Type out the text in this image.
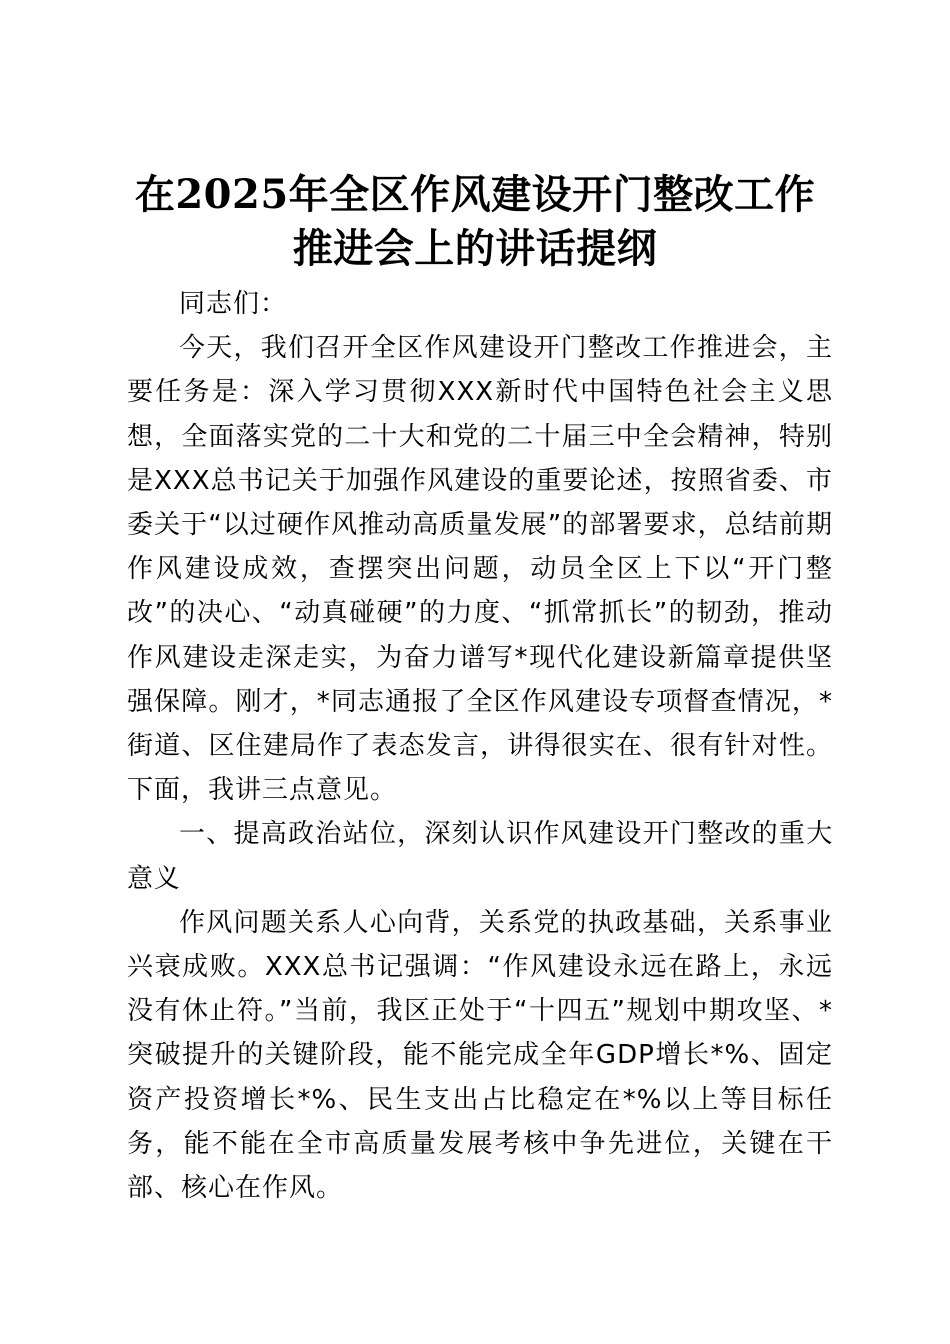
在2025年全区作风建设开门整改工作
推进会上的讲话提纲

同志们：

今天，我们召开全区作风建设开门整改工作推进会，主要任务是：深入学习贯彻XXX新时代中国特色社会主义思想，全面落实党的二十大和党的二十届三中全会精神，特别是XXX总书记关于加强作风建设的重要论述，按照省委、市委关于“以过硬作风推动高质量发展”的部署要求，总结前期作风建设成效，查摆突出问题，动员全区上下以“开门整改”的决心、“动真碰硬”的力度、“抓常抓长”的韧劲，推动作风建设走深走实，为奋力谱写*现代化建设新篇章提供坚强保障。刚才，*同志通报了全区作风建设专项督查情况，*街道、区住建局作了表态发言，讲得很实在、很有针对性。下面，我讲三点意见。

一、提高政治站位，深刻认识作风建设开门整改的重大意义

作风问题关系人心向背，关系党的执政基础，关系事业兴衰成败。XXX总书记强调：“作风建设永远在路上，永远没有休止符。”当前，我区正处于“十四五”规划中期攻坚、*突破提升的关键阶段，能不能完成全年GDP增长*%、固定资产投资增长*%、民生支出占比稳定在*%以上等目标任务，能不能在全市高质量发展考核中争先进位，关键在干部、核心在作风。
